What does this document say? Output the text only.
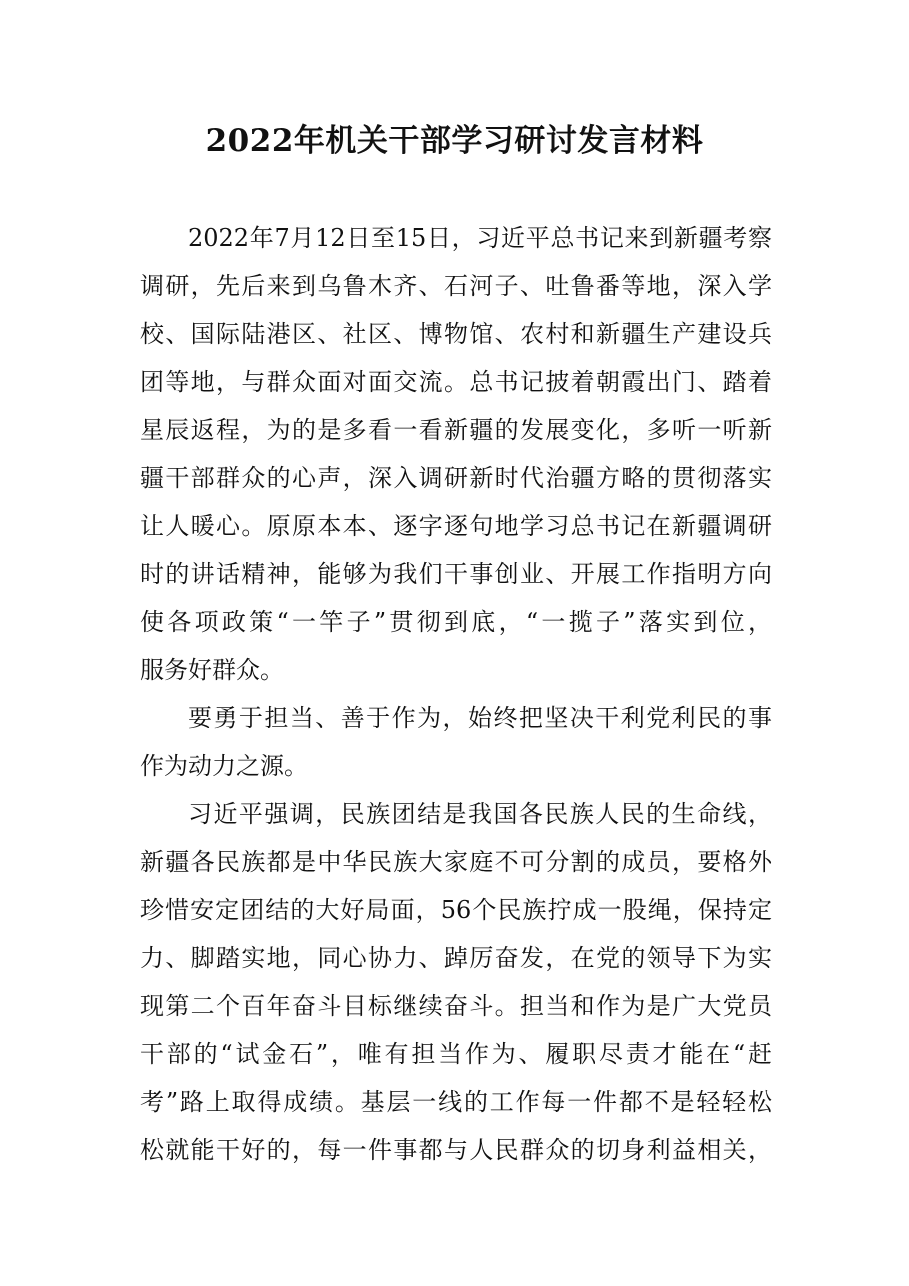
2022年机关干部学习研讨发言材料
2022年7月12日至15日，习近平总书记来到新疆考察
调研，先后来到乌鲁木齐、石河子、吐鲁番等地，深入学
校、国际陆港区、社区、博物馆、农村和新疆生产建设兵
团等地，与群众面对面交流。总书记披着朝霞出门、踏着
星辰返程，为的是多看一看新疆的发展变化，多听一听新
疆干部群众的心声，深入调研新时代治疆方略的贯彻落实
让人暖心。原原本本、逐字逐句地学习总书记在新疆调研
时的讲话精神，能够为我们干事创业、开展工作指明方向
使各项政策“一竿子”贯彻到底，“一揽子”落实到位，
服务好群众。
要勇于担当、善于作为，始终把坚决干利党利民的事
作为动力之源。
习近平强调，民族团结是我国各民族人民的生命线，
新疆各民族都是中华民族大家庭不可分割的成员，要格外
珍惜安定团结的大好局面，56个民族拧成一股绳，保持定
力、脚踏实地，同心协力、踔厉奋发，在党的领导下为实
现第二个百年奋斗目标继续奋斗。担当和作为是广大党员
干部的“试金石”，唯有担当作为、履职尽责才能在“赶
考”路上取得成绩。基层一线的工作每一件都不是轻轻松
松就能干好的，每一件事都与人民群众的切身利益相关，
